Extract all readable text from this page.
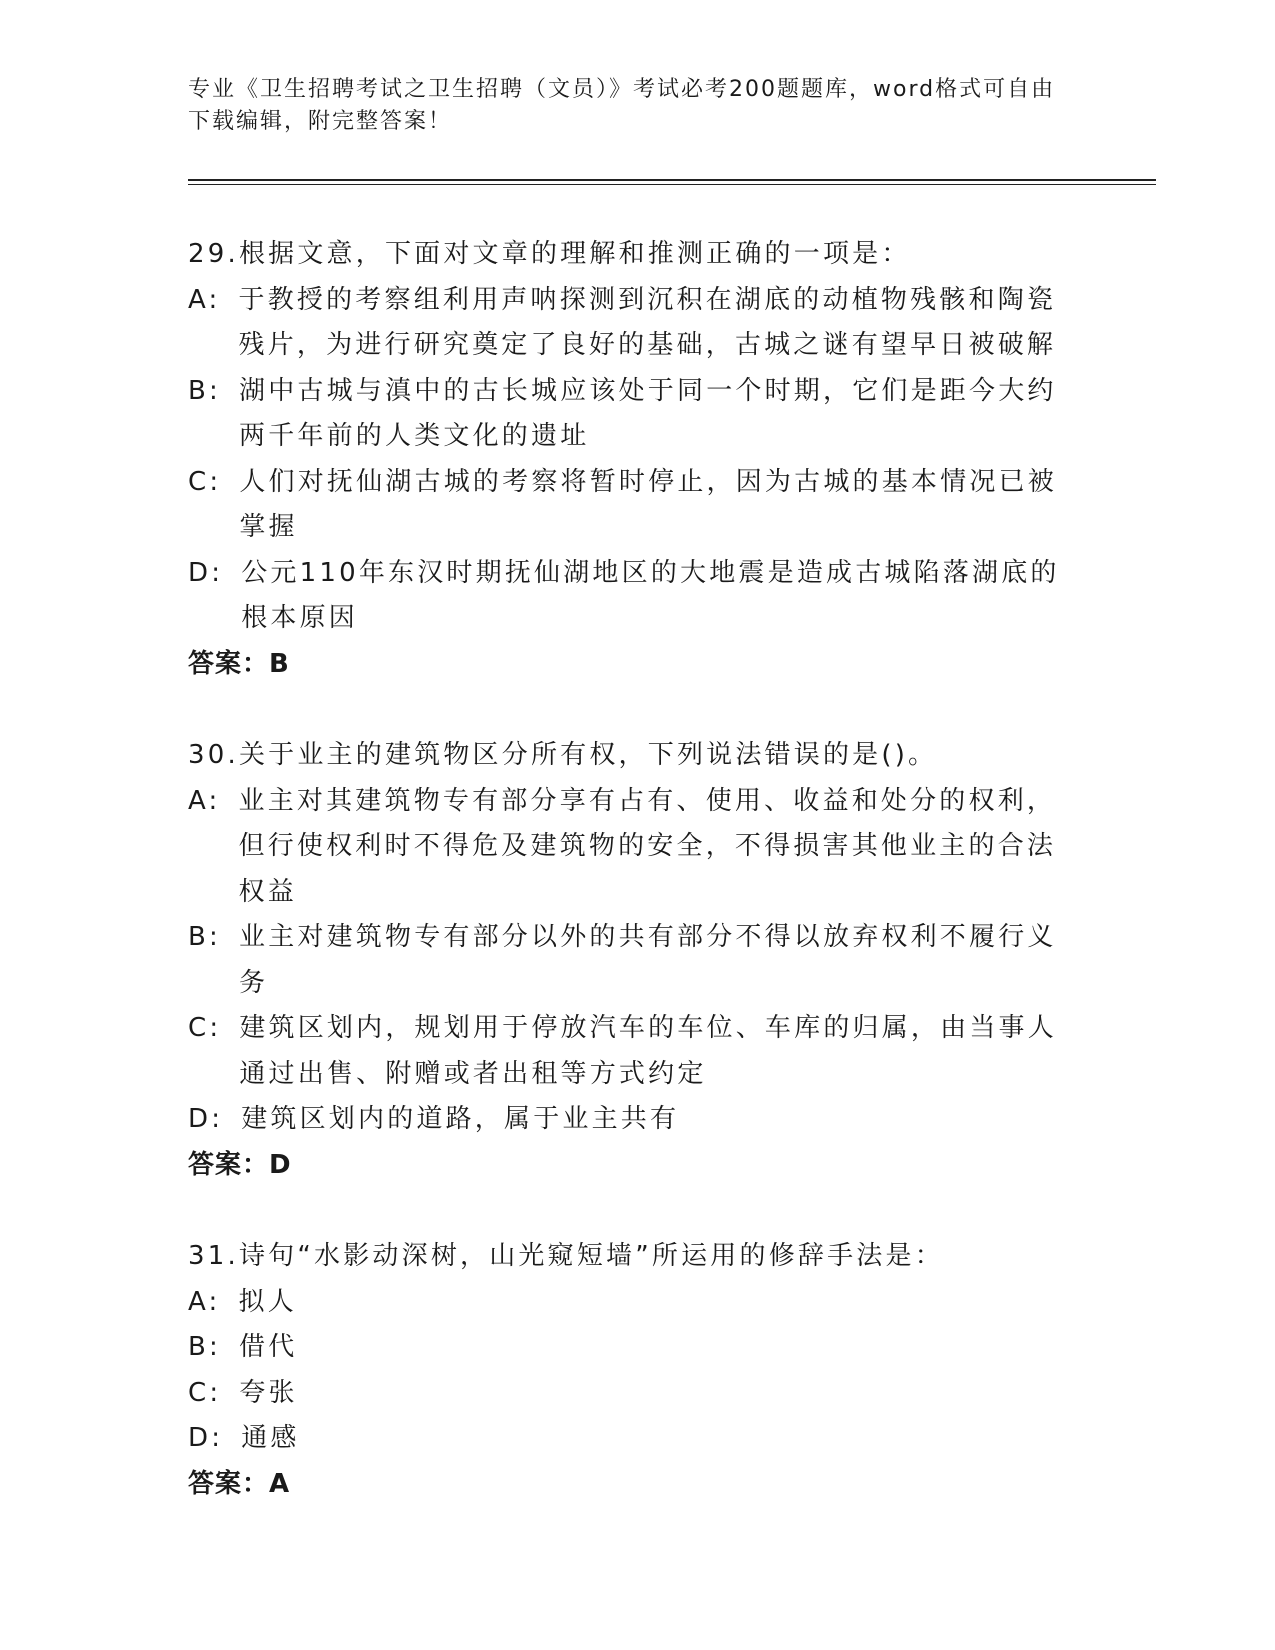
专业《卫生招聘考试之卫生招聘（文员）》考试必考200题题库，word格式可自由下载编辑，附完整答案！

29.根据文意，下面对文章的理解和推测正确的一项是：

A: 于教授的考察组利用声呐探测到沉积在湖底的动植物残骸和陶瓷残片，为进行研究奠定了良好的基础，古城之谜有望早日被破解
B: 湖中古城与滇中的古长城应该处于同一个时期，它们是距今大约两千年前的人类文化的遗址
C: 人们对抚仙湖古城的考察将暂时停止，因为古城的基本情况已被掌握
D: 公元110年东汉时期抚仙湖地区的大地震是造成古城陷落湖底的根本原因

答案：B

30.关于业主的建筑物区分所有权，下列说法错误的是()。

A: 业主对其建筑物专有部分享有占有、使用、收益和处分的权利，但行使权利时不得危及建筑物的安全，不得损害其他业主的合法权益
B: 业主对建筑物专有部分以外的共有部分不得以放弃权利不履行义务
C: 建筑区划内，规划用于停放汽车的车位、车库的归属，由当事人通过出售、附赠或者出租等方式约定
D: 建筑区划内的道路，属于业主共有

答案：D

31.诗句“水影动深树，山光窥短墙”所运用的修辞手法是：

A: 拟人
B: 借代
C: 夸张
D: 通感

答案：A
